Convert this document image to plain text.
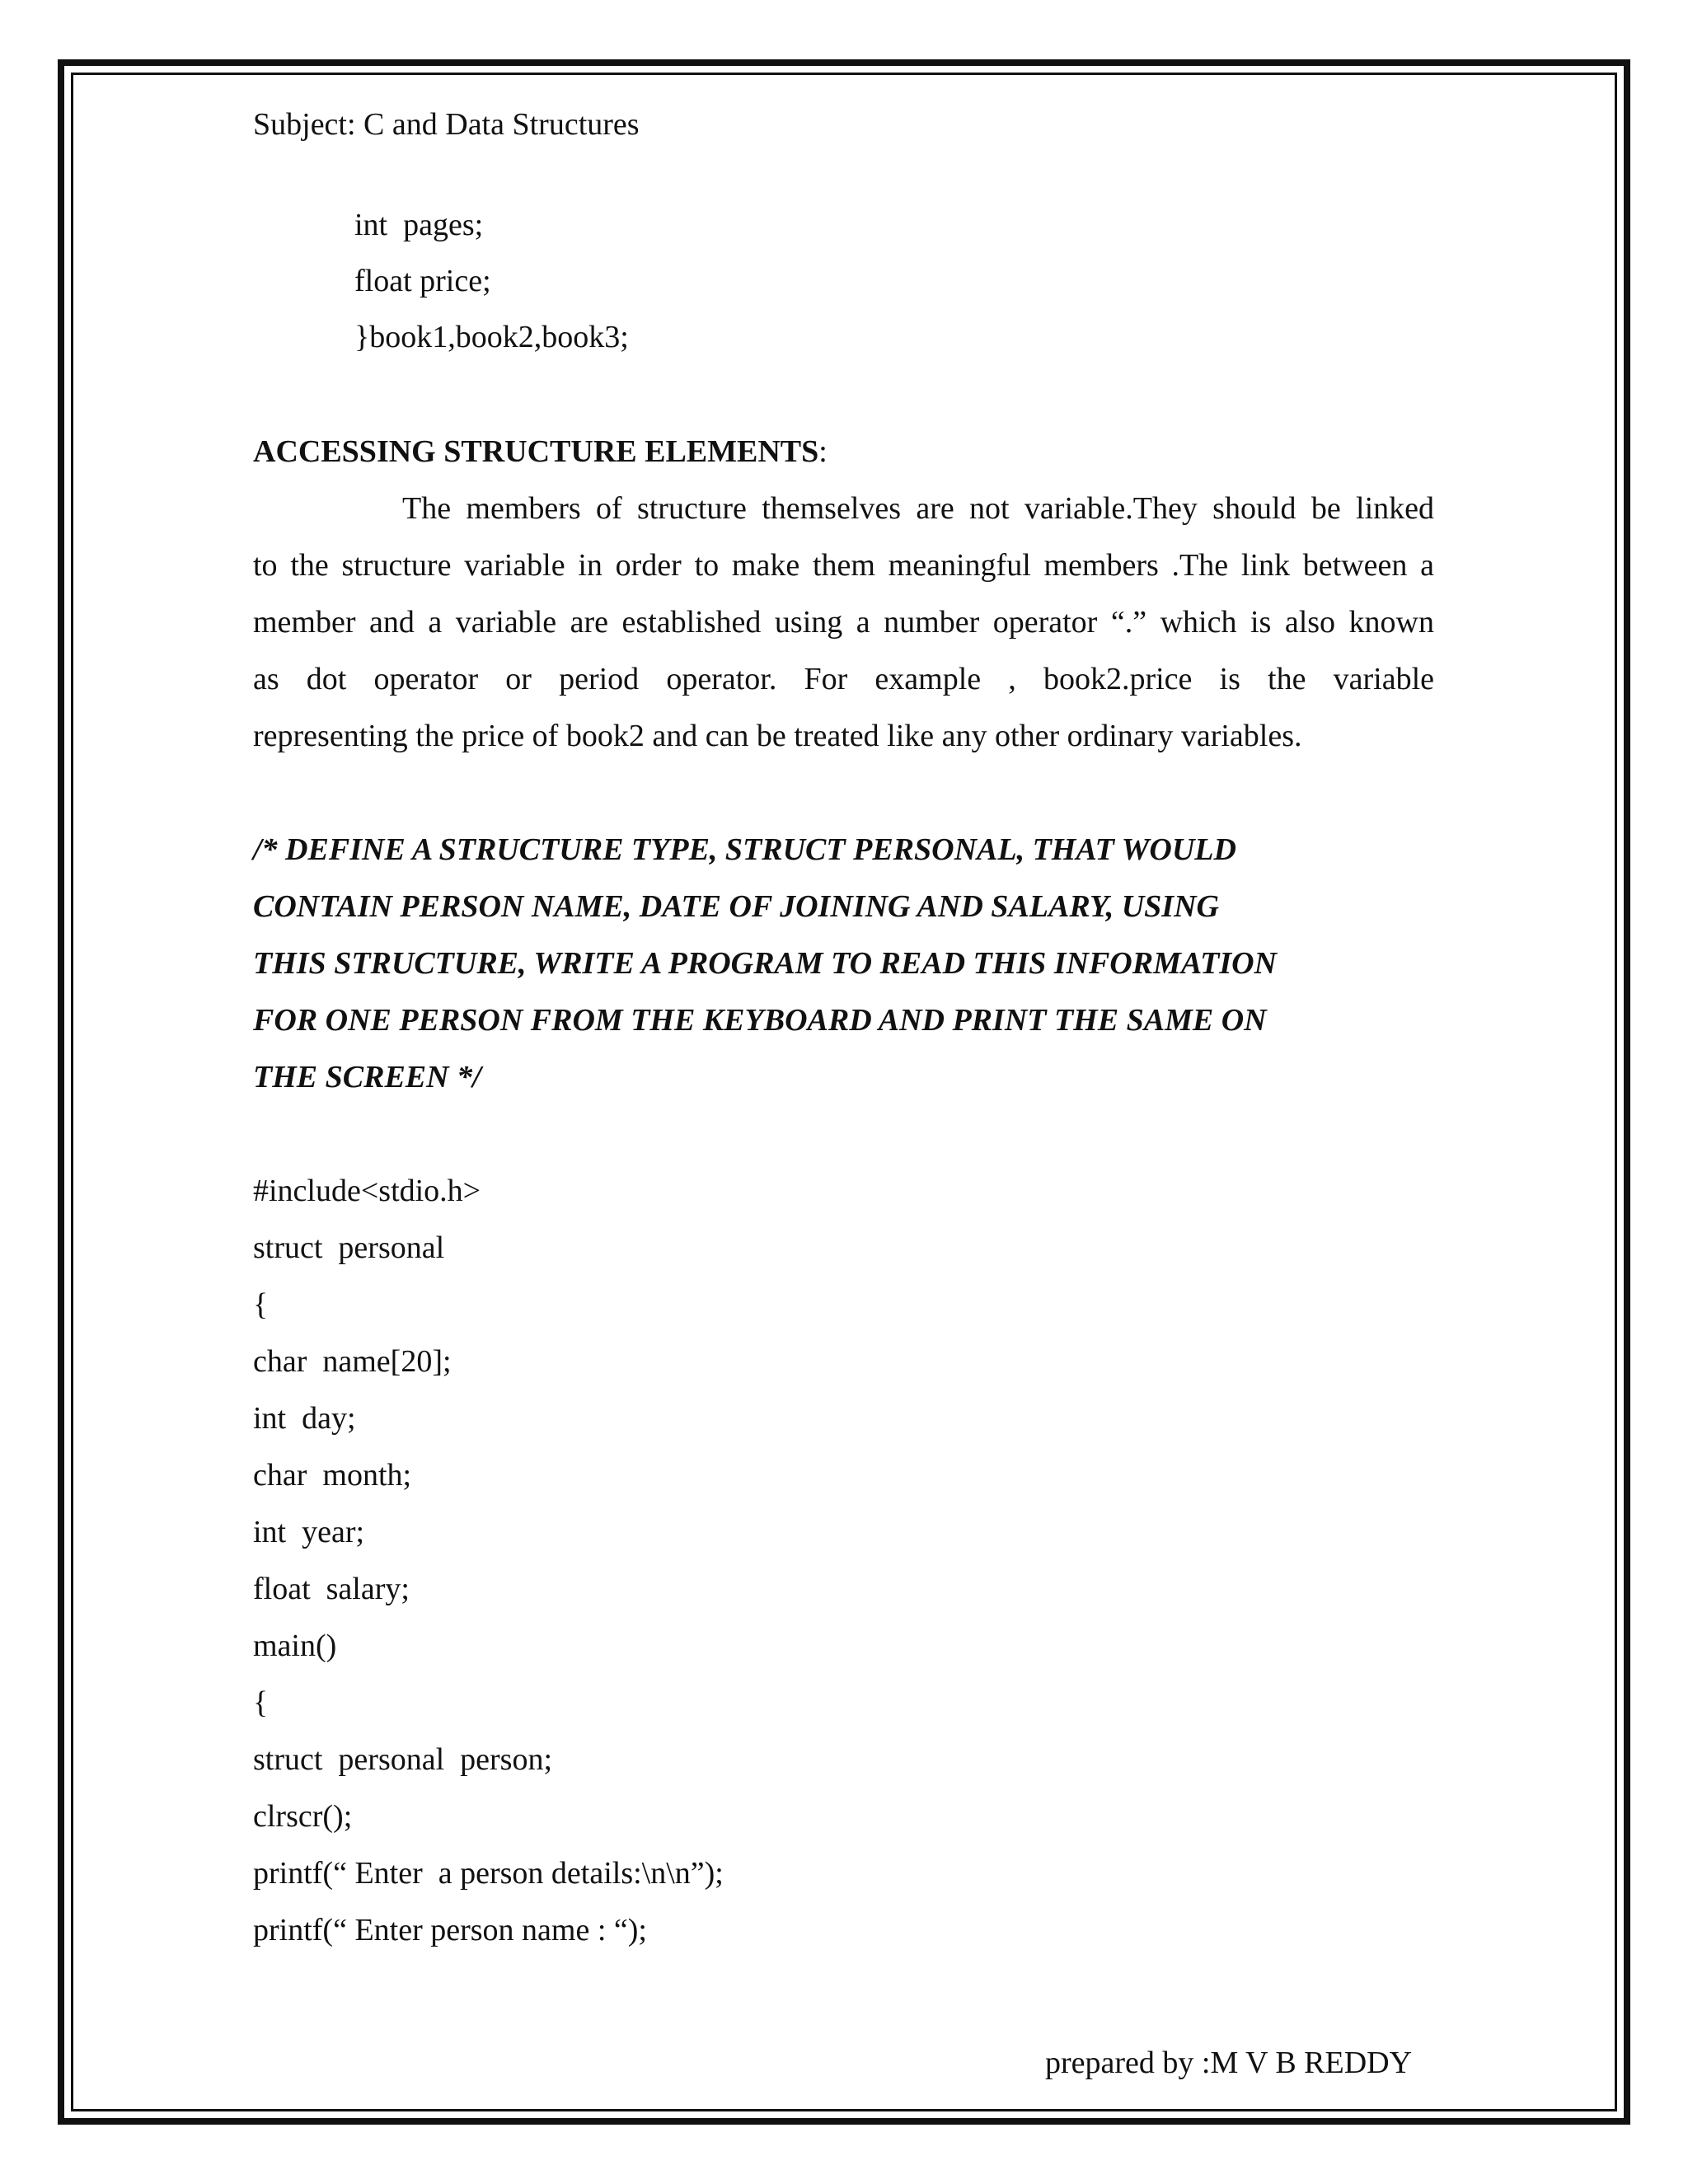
Subject: C and Data Structures

int  pages;

float price;

}book1,book2,book3;

ACCESSING STRUCTURE ELEMENTS:

The members of structure themselves are not variable.They should be linked

to the structure variable in order to make them meaningful members .The link between a

member and a variable are established using a number operator “.” which is also known

as dot operator or period operator. For example , book2.price is the variable

representing the price of book2 and can be treated like any other ordinary variables.

/* DEFINE A STRUCTURE TYPE, STRUCT PERSONAL, THAT WOULD

CONTAIN PERSON NAME, DATE OF JOINING AND SALARY, USING

THIS STRUCTURE, WRITE A PROGRAM TO READ THIS INFORMATION

FOR ONE PERSON FROM THE KEYBOARD AND PRINT THE SAME ON

THE SCREEN */

#include<stdio.h>

struct  personal

{

char  name[20];

int  day;

char  month;

int  year;

float  salary;

main()

{

struct  personal  person;

clrscr();

printf(“ Enter  a person details:\n\n”);

printf(“ Enter person name : “);

prepared by :M V B REDDY
